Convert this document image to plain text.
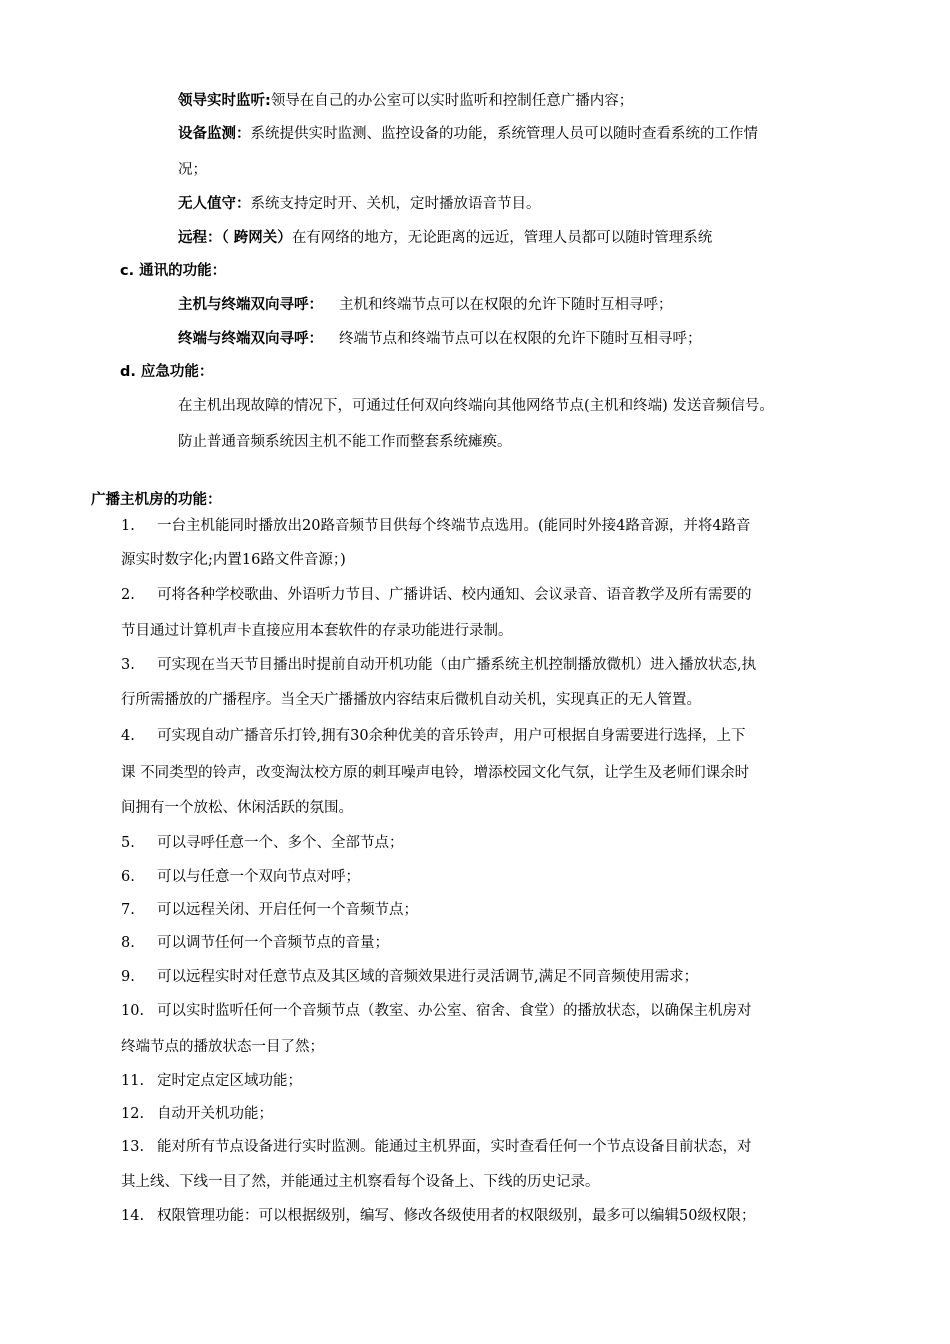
领导实时监听:领导在自己的办公室可以实时监听和控制任意广播内容；
设备监测：系统提供实时监测、监控设备的功能，系统管理人员可以随时查看系统的工作情
况；
无人值守：系统支持定时开、关机，定时播放语音节目。
远程：（ 跨网关）在有网络的地方，无论距离的远近，管理人员都可以随时管理系统
c. 通讯的功能：
主机与终端双向寻呼： 主机和终端节点可以在权限的允许下随时互相寻呼；
终端与终端双向寻呼： 终端节点和终端节点可以在权限的允许下随时互相寻呼；
d. 应急功能：
在主机出现故障的情况下，可通过任何双向终端向其他网络节点(主机和终端) 发送音频信号。
防止普通音频系统因主机不能工作而整套系统瘫痪。
广播主机房的功能：
1. 一台主机能同时播放出20路音频节目供每个终端节点选用。(能同时外接4路音源，并将4路音
源实时数字化;内置16路文件音源；)
2. 可将各种学校歌曲、外语听力节目、广播讲话、校内通知、会议录音、语音教学及所有需要的
节目通过计算机声卡直接应用本套软件的存录功能进行录制。
3. 可实现在当天节目播出时提前自动开机功能（由广播系统主机控制播放微机）进入播放状态,执
行所需播放的广播程序。当全天广播播放内容结束后微机自动关机，实现真正的无人管置。
4. 可实现自动广播音乐打铃,拥有30余种优美的音乐铃声，用户可根据自身需要进行选择，上下
课 不同类型的铃声，改变淘汰校方原的刺耳噪声电铃，增添校园文化气氛，让学生及老师们课余时
间拥有一个放松、休闲活跃的氛围。
5. 可以寻呼任意一个、多个、全部节点；
6. 可以与任意一个双向节点对呼；
7. 可以远程关闭、开启任何一个音频节点；
8. 可以调节任何一个音频节点的音量；
9. 可以远程实时对任意节点及其区域的音频效果进行灵活调节,满足不同音频使用需求；
10. 可以实时监听任何一个音频节点（教室、办公室、宿舍、食堂）的播放状态，以确保主机房对
终端节点的播放状态一目了然；
11. 定时定点定区域功能；
12. 自动开关机功能；
13. 能对所有节点设备进行实时监测。能通过主机界面，实时查看任何一个节点设备目前状态，对
其上线、下线一目了然，并能通过主机察看每个设备上、下线的历史记录。
14. 权限管理功能：可以根据级别，编写、修改各级使用者的权限级别，最多可以编辑50级权限；
